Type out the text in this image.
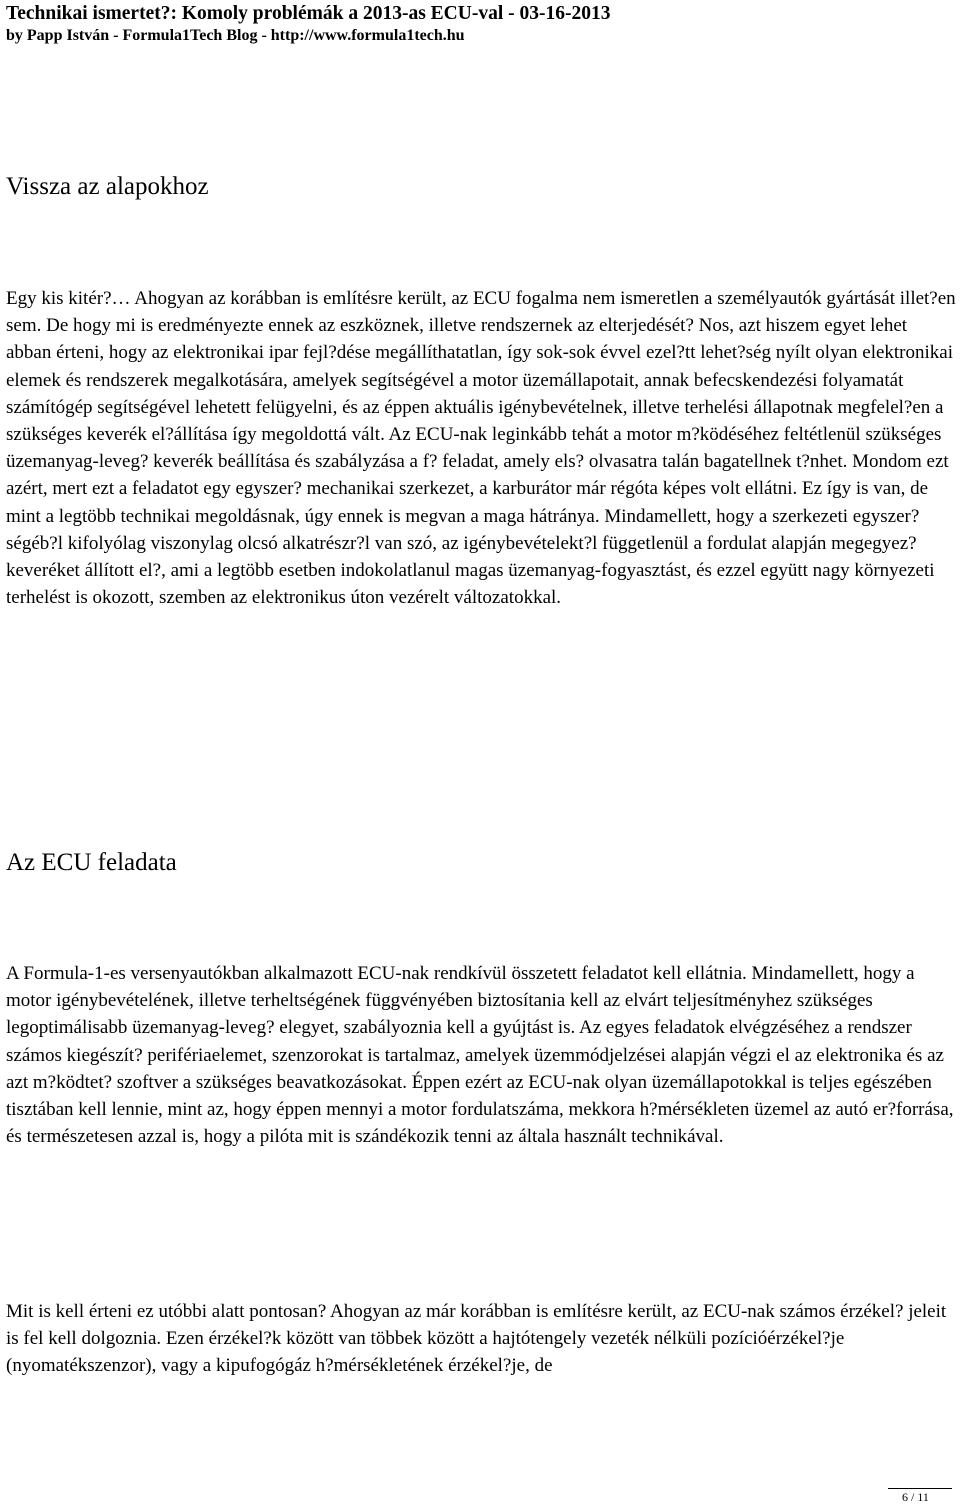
Technikai ismertet?: Komoly problémák a 2013-as ECU-val - 03-16-2013
by Papp István - Formula1Tech Blog - http://www.formula1tech.hu
Vissza az alapokhoz

Egy kis kitér?… Ahogyan az korábban is említésre került, az ECU fogalma nem ismeretlen a személyautók gyártását illet?en sem. De hogy mi is eredményezte ennek az eszköznek, illetve rendszernek az elterjedését? Nos, azt hiszem egyet lehet abban érteni, hogy az elektronikai ipar fejl?dése megállíthatatlan, így sok-sok évvel ezel?tt lehet?ség nyílt olyan elektronikai elemek és rendszerek megalkotására, amelyek segítségével a motor üzemállapotait, annak befecskendezési folyamatát számítógép segítségével lehetett felügyelni, és az éppen aktuális igénybevételnek, illetve terhelési állapotnak megfelel?en a szükséges keverék el?állítása így megoldottá vált. Az ECU-nak leginkább tehát a motor m?ködéséhez feltétlenül szükséges üzemanyag-leveg? keverék beállítása és szabályzása a f? feladat, amely els? olvasatra talán bagatellnek t?nhet. Mondom ezt azért, mert ezt a feladatot egy egyszer? mechanikai szerkezet, a karburátor már régóta képes volt ellátni. Ez így is van, de mint a legtöbb technikai megoldásnak, úgy ennek is megvan a maga hátránya. Mindamellett, hogy a szerkezeti egyszer?ségéb?l kifolyólag viszonylag olcsó alkatrészr?l van szó, az igénybevételekt?l függetlenül a fordulat alapján megegyez? keveréket állított el?, ami a legtöbb esetben indokolatlanul magas üzemanyag-fogyasztást, és ezzel együtt nagy környezeti terhelést is okozott, szemben az elektronikus úton vezérelt változatokkal.

Az ECU feladata

A Formula-1-es versenyautókban alkalmazott ECU-nak rendkívül összetett feladatot kell ellátnia. Mindamellett, hogy a motor igénybevételének, illetve terheltségének függvényében biztosítania kell az elvárt teljesítményhez szükséges legoptimálisabb üzemanyag-leveg? elegyet, szabályoznia kell a gyújtást is. Az egyes feladatok elvégzéséhez a rendszer számos kiegészít? perifériaelemet, szenzorokat is tartalmaz, amelyek üzemmódjelzései alapján végzi el az elektronika és az azt m?ködtet? szoftver a szükséges beavatkozásokat. Éppen ezért az ECU-nak olyan üzemállapotokkal is teljes egészében tisztában kell lennie, mint az, hogy éppen mennyi a motor fordulatszáma, mekkora h?mérsékleten üzemel az autó er?forrása, és természetesen azzal is, hogy a pilóta mit is szándékozik tenni az általa használt technikával.

Mit is kell érteni ez utóbbi alatt pontosan? Ahogyan az már korábban is említésre került, az ECU-nak számos érzékel? jeleit is fel kell dolgoznia. Ezen érzékel?k között van többek között a hajtótengely vezeték nélküli pozícióérzékel?je (nyomatékszenzor), vagy a kipufogógáz h?mérsékletének érzékel?je, de

6 / 11
